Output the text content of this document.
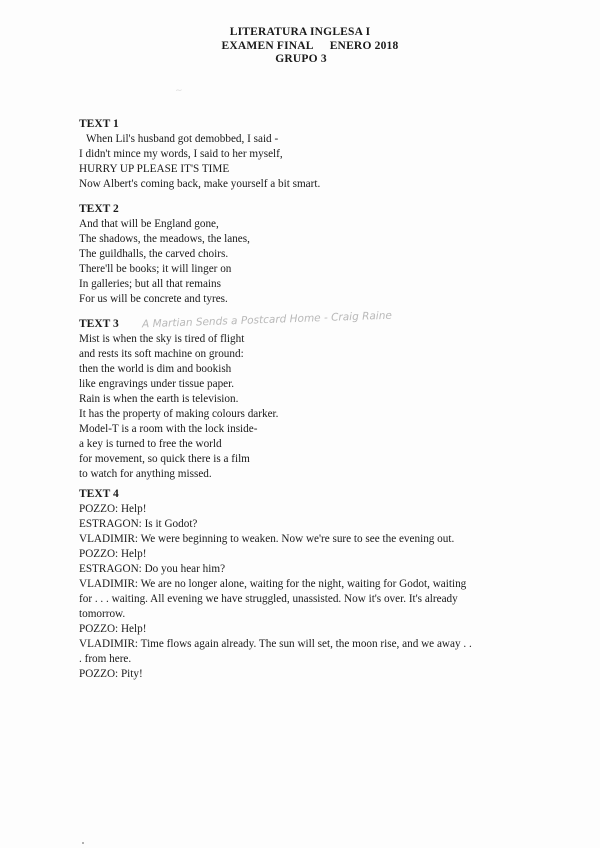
LITERATURA INGLESA I
EXAMEN FINAL ENERO 2018
GRUPO 3
~
TEXT 1
When Lil's husband got demobbed, I said -
I didn't mince my words, I said to her myself,
HURRY UP PLEASE IT'S TIME
Now Albert's coming back, make yourself a bit smart.
TEXT 2
And that will be England gone,
The shadows, the meadows, the lanes,
The guildhalls, the carved choirs.
There'll be books; it will linger on
In galleries; but all that remains
For us will be concrete and tyres.
TEXT 3
Mist is when the sky is tired of flight
and rests its soft machine on ground:
then the world is dim and bookish
like engravings under tissue paper.
Rain is when the earth is television.
It has the property of making colours darker.
Model-T is a room with the lock inside-
a key is turned to free the world
for movement, so quick there is a film
to watch for anything missed.
TEXT 4
POZZO: Help!
ESTRAGON: Is it Godot?
VLADIMIR: We were beginning to weaken. Now we're sure to see the evening out.
POZZO: Help!
ESTRAGON: Do you hear him?
VLADIMIR: We are no longer alone, waiting for the night, waiting for Godot, waiting
for . . . waiting. All evening we have struggled, unassisted. Now it's over. It's already
tomorrow.
POZZO: Help!
VLADIMIR: Time flows again already. The sun will set, the moon rise, and we away . .
. from here.
POZZO: Pity!
A Martian Sends a Postcard Home - Craig Raine
